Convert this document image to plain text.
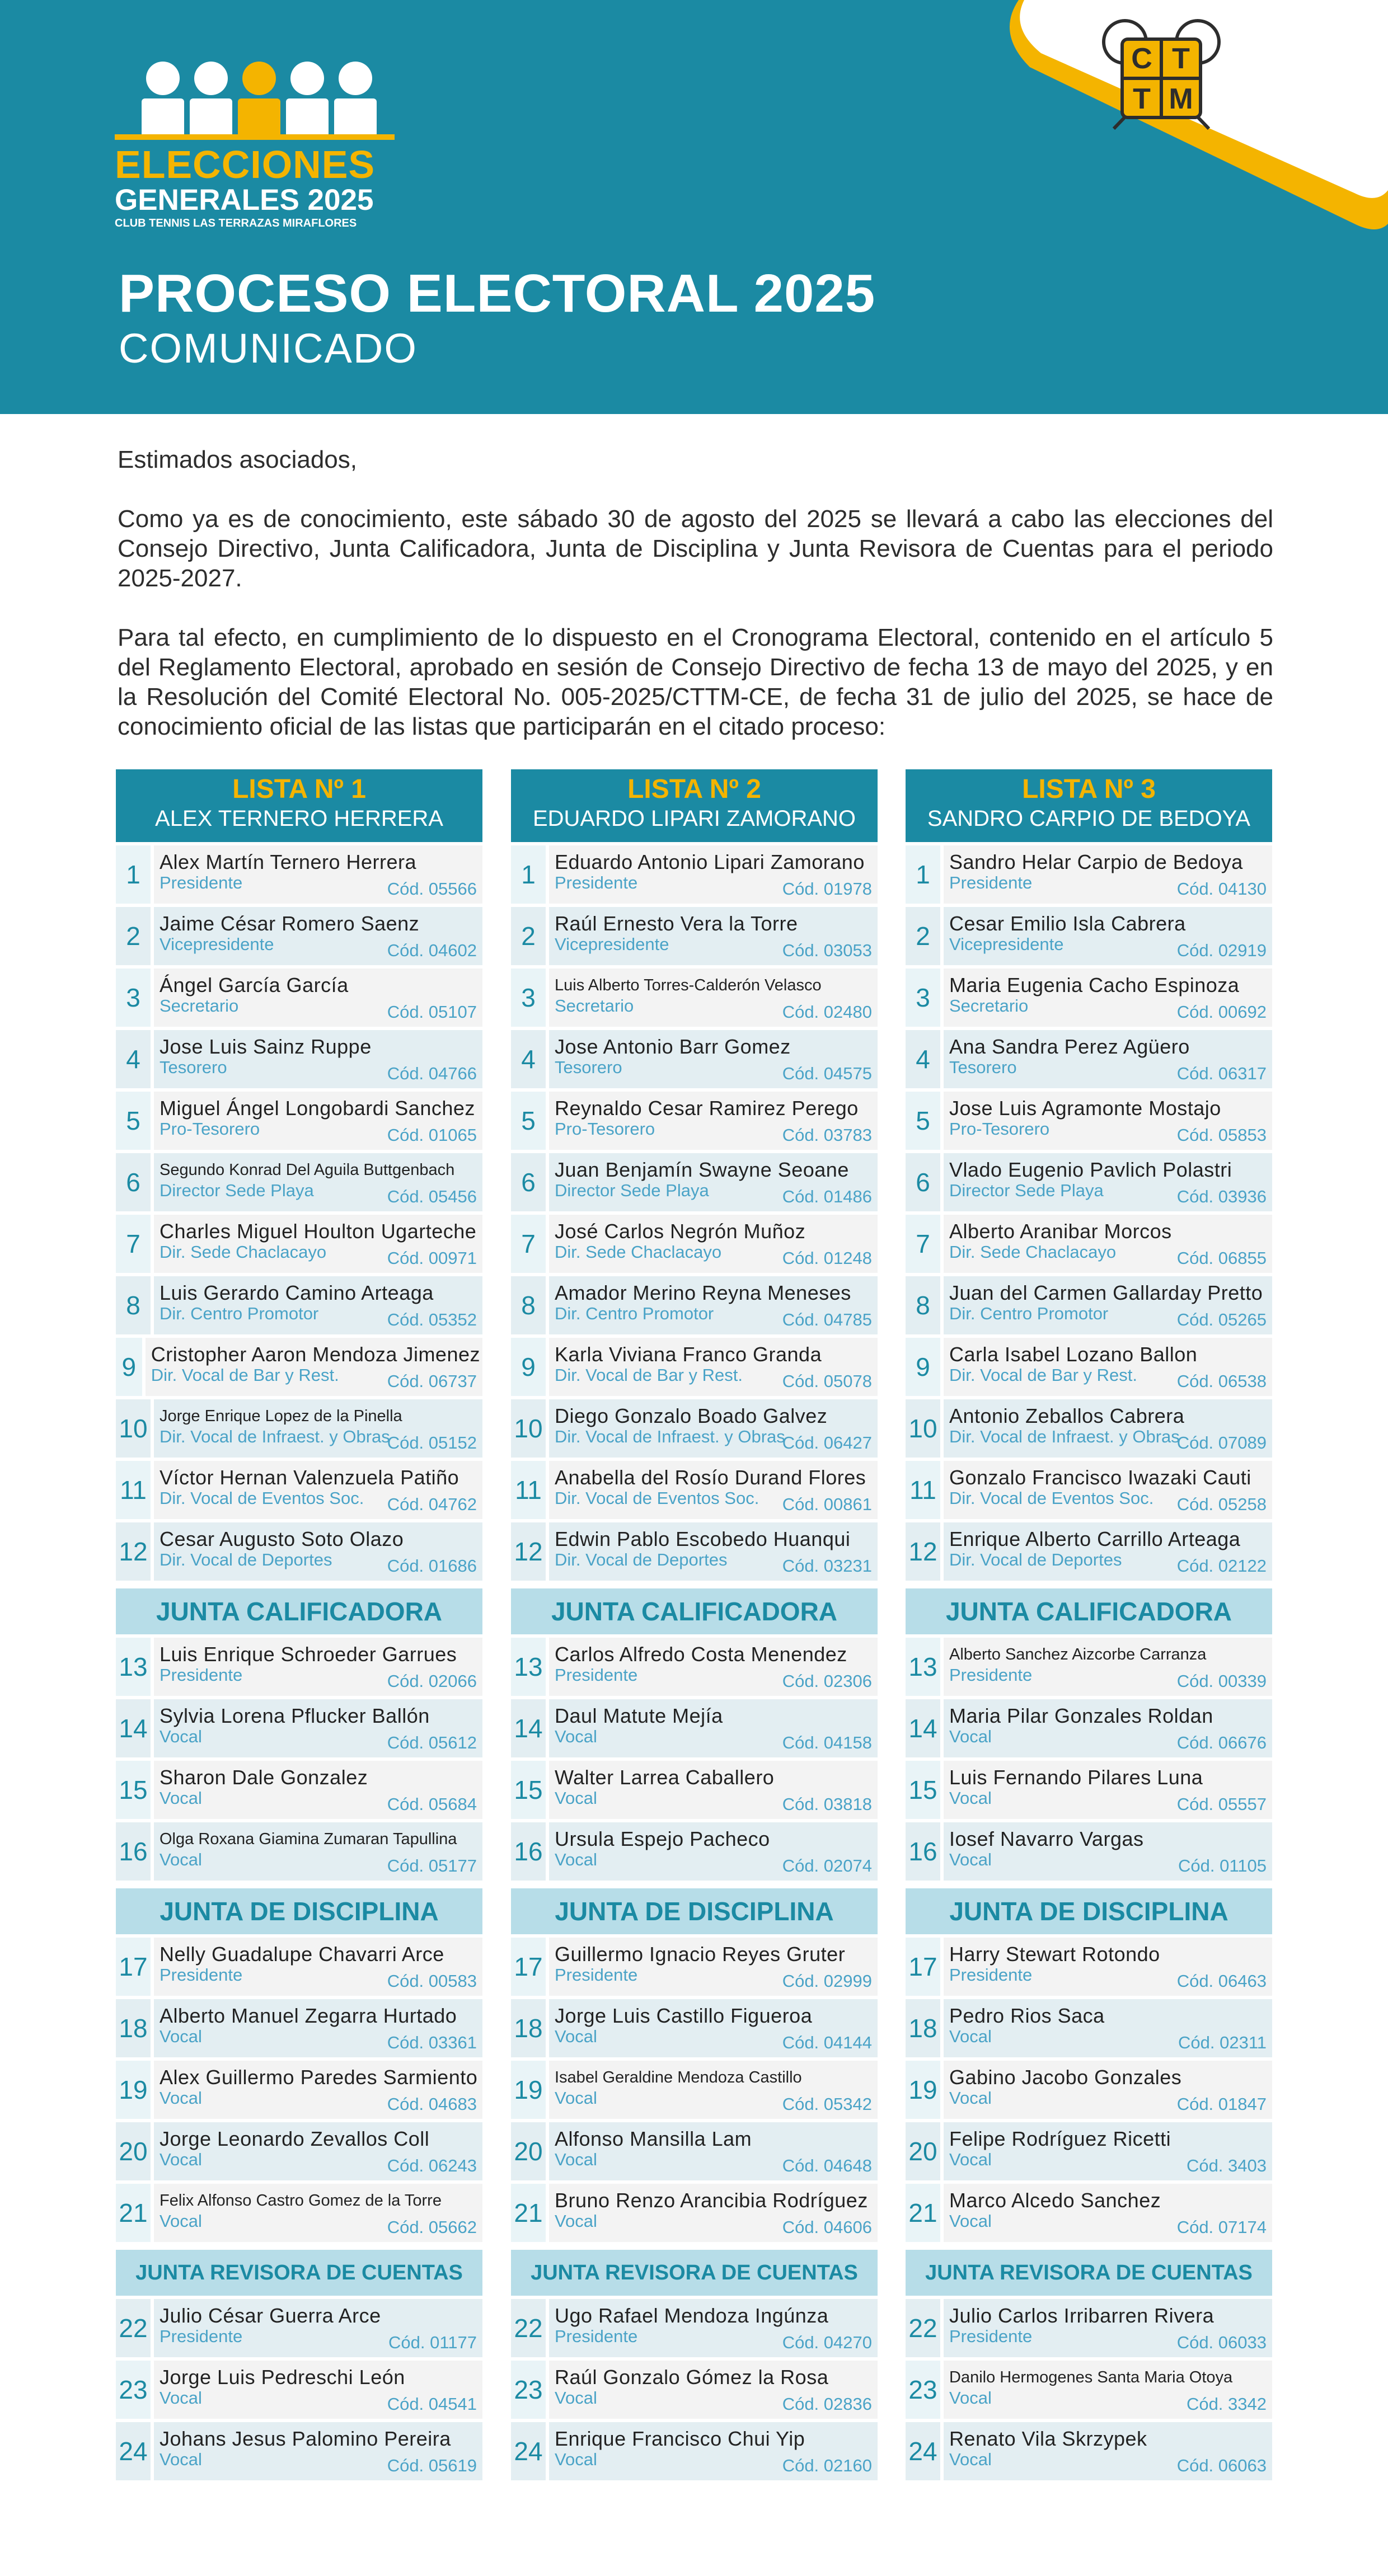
C T
T M
ELECCIONES
GENERALES 2025
CLUB TENNIS LAS TERRAZAS MIRAFLORES
PROCESO ELECTORAL 2025
COMUNICADO

Estimados asociados,

Como ya es de conocimiento, este sábado 30 de agosto del 2025 se llevará a cabo las elecciones del Consejo Directivo, Junta Calificadora, Junta de Disciplina y Junta Revisora de Cuentas para el periodo 2025-2027.

Para tal efecto, en cumplimiento de lo dispuesto en el Cronograma Electoral, contenido en el artículo 5 del Reglamento Electoral, aprobado en sesión de Consejo Directivo de fecha 13 de mayo del 2025, y en la Resolución del Comité Electoral No. 005-2025/CTTM-CE, de fecha 31 de julio del 2025, se hace de conocimiento oficial de las listas que participarán en el citado proceso:

LISTA Nº 1
ALEX TERNERO HERRERA
1 Alex Martín Ternero Herrera
Presidente	Cód. 05566
2 Jaime César Romero Saenz
Vicepresidente	Cód. 04602
3 Ángel García García
Secretario	Cód. 05107
4 Jose Luis Sainz Ruppe
Tesorero	Cód. 04766
5 Miguel Ángel Longobardi Sanchez
Pro-Tesorero	Cód. 01065
6	Segundo Konrad Del Aguila Buttgenbach
Director Sede Playa	Cód. 05456
7 Charles Miguel Houlton Ugarteche
Dir. Sede Chaclacayo	Cód. 00971
8 Luis Gerardo Camino Arteaga
Dir. Centro Promotor	Cód. 05352
9 Cristopher Aaron Mendoza Jimenez
Dir. Vocal de Bar y Rest.	Cód. 06737
10 Jorge Enrique Lopez de la Pinella
Dir. Vocal de Infraest. y Obras
Cód. 05152
11 Víctor Hernan Valenzuela Patiño
Dir. Vocal de Eventos Soc.	Cód. 04762
12 Cesar Augusto Soto Olazo
Dir. Vocal de Deportes	Cód. 01686
JUNTA CALIFICADORA
13 Luis Enrique Schroeder Garrues
Presidente	Cód. 02066
14 Sylvia Lorena Pflucker Ballón
Vocal	Cód. 05612
15 Sharon Dale Gonzalez
Vocal	Cód. 05684
16 Olga Roxana Giamina Zumaran Tapullina
Vocal	Cód. 05177
JUNTA DE DISCIPLINA
17 Nelly Guadalupe Chavarri Arce
Presidente	Cód. 00583
18 Alberto Manuel Zegarra Hurtado
Vocal	Cód. 03361
19 Alex Guillermo Paredes Sarmiento
Vocal	Cód. 04683
20 Jorge Leonardo Zevallos Coll
Vocal	Cód. 06243
21 Felix Alfonso Castro Gomez de la Torre
Vocal	Cód. 05662
JUNTA REVISORA DE CUENTAS
22 Julio César Guerra Arce
Presidente	Cód. 01177
23 Jorge Luis Pedreschi León
Vocal	Cód. 04541
24 Johans Jesus Palomino Pereira
Vocal	Cód. 05619
LISTA Nº 2
EDUARDO LIPARI ZAMORANO
1 Eduardo Antonio Lipari Zamorano
Presidente	Cód. 01978
2 Raúl Ernesto Vera la Torre
Vicepresidente	Cód. 03053
3	Luis Alberto Torres-Calderón Velasco
Secretario	Cód. 02480
4 Jose Antonio Barr Gomez
Tesorero	Cód. 04575
5 Reynaldo Cesar Ramirez Perego
Pro-Tesorero	Cód. 03783
6 Juan Benjamín Swayne Seoane
Director Sede Playa	Cód. 01486
7 José Carlos Negrón Muñoz
Dir. Sede Chaclacayo	Cód. 01248
8 Amador Merino Reyna Meneses
Dir. Centro Promotor	Cód. 04785
9 Karla Viviana Franco Granda
Dir. Vocal de Bar y Rest.	Cód. 05078
10 Diego Gonzalo Boado Galvez
Dir. Vocal de Infraest. y Obras
Cód. 06427
11 Anabella del Rosío Durand Flores
Dir. Vocal de Eventos Soc.	Cód. 00861
12 Edwin Pablo Escobedo Huanqui
Dir. Vocal de Deportes	Cód. 03231
JUNTA CALIFICADORA
13 Carlos Alfredo Costa Menendez
Presidente	Cód. 02306
14 Daul Matute Mejía
Vocal	Cód. 04158
15 Walter Larrea Caballero
Vocal	Cód. 03818
16 Ursula Espejo Pacheco
Vocal	Cód. 02074
JUNTA DE DISCIPLINA
17 Guillermo Ignacio Reyes Gruter
Presidente	Cód. 02999
18 Jorge Luis Castillo Figueroa
Vocal	Cód. 04144
19 Isabel Geraldine Mendoza Castillo
Vocal	Cód. 05342
20 Alfonso Mansilla Lam
Vocal	Cód. 04648
21 Bruno Renzo Arancibia Rodríguez
Vocal	Cód. 04606
JUNTA REVISORA DE CUENTAS
22 Ugo Rafael Mendoza Ingúnza
Presidente	Cód. 04270
23 Raúl Gonzalo Gómez la Rosa
Vocal	Cód. 02836
24 Enrique Francisco Chui Yip
Vocal	Cód. 02160
LISTA Nº 3
SANDRO CARPIO DE BEDOYA
1 Sandro Helar Carpio de Bedoya
Presidente	Cód. 04130
2 Cesar Emilio Isla Cabrera
Vicepresidente	Cód. 02919
3 Maria Eugenia Cacho Espinoza
Secretario	Cód. 00692
4 Ana Sandra Perez Agüero
Tesorero	Cód. 06317
5 Jose Luis Agramonte Mostajo
Pro-Tesorero	Cód. 05853
6 Vlado Eugenio Pavlich Polastri
Director Sede Playa	Cód. 03936
7 Alberto Aranibar Morcos
Dir. Sede Chaclacayo	Cód. 06855
8 Juan del Carmen Gallarday Pretto
Dir. Centro Promotor	Cód. 05265
9 Carla Isabel Lozano Ballon
Dir. Vocal de Bar y Rest.	Cód. 06538
10 Antonio Zeballos Cabrera
Dir. Vocal de Infraest. y Obras
Cód. 07089
11 Gonzalo Francisco Iwazaki Cauti
Dir. Vocal de Eventos Soc.	Cód. 05258
12 Enrique Alberto Carrillo Arteaga
Dir. Vocal de Deportes	Cód. 02122
JUNTA CALIFICADORA
13 Alberto Sanchez Aizcorbe Carranza
Presidente	Cód. 00339
14 Maria Pilar Gonzales Roldan
Vocal	Cód. 06676
15 Luis Fernando Pilares Luna
Vocal	Cód. 05557
16 Iosef Navarro Vargas
Vocal	Cód. 01105
JUNTA DE DISCIPLINA
17 Harry Stewart Rotondo
Presidente	Cód. 06463
18 Pedro Rios Saca
Vocal	Cód. 02311
19 Gabino Jacobo Gonzales
Vocal	Cód. 01847
20 Felipe Rodríguez Ricetti
Vocal	Cód. 3403
21 Marco Alcedo Sanchez
Vocal	Cód. 07174
JUNTA REVISORA DE CUENTAS
22 Julio Carlos Irribarren Rivera
Presidente	Cód. 06033
23 Danilo Hermogenes Santa Maria Otoya
Vocal	Cód. 3342
24 Renato Vila Skrzypek
Vocal	Cód. 06063
